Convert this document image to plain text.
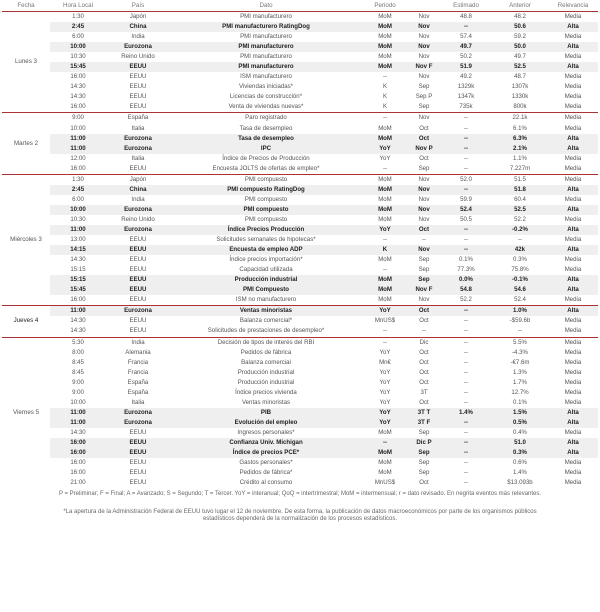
Fecha	Hora Local	País	Dato	Periodo		Estimado	Anterior	Relevancia
Lunes 3	1:30	Japón	PMI manufacturero	MoM	Nov	48.8	48.2	Media
	2:45	China	PMI manufacturero RatingDog	MoM	Nov	--	50.6	Alta
	6:00	India	PMI manufacturero	MoM	Nov	57.4	59.2	Media
	10:00	Eurozona	PMI manufacturero	MoM	Nov	49.7	50.0	Alta
	10:30	Reino Unido	PMI manufacturero	MoM	Nov	50.2	49.7	Media
	15:45	EEUU	PMI manufacturero	MoM	Nov F	51.9	52.5	Alta
	16:00	EEUU	ISM manufacturero	--	Nov	49.2	48.7	Media
	14:30	EEUU	Viviendas iniciadas*	K	Sep	1329k	1307k	Media
	14:30	EEUU	Licencias de construcción*	K	Sep P	1347k	1330k	Media
	16:00	EEUU	Venta de viviendas nuevas*	K	Sep	735k	800k	Media
Martes 2	9:00	España	Paro registrado	--	Nov	--	22.1k	Media
	10:00	Italia	Tasa de desempleo	MoM	Oct	--	6.1%	Media
	11:00	Eurozona	Tasa de desempleo	MoM	Oct	--	6.3%	Alta
	11:00	Eurozona	IPC	YoY	Nov P	--	2.1%	Alta
	12:00	Italia	Índice de Precios de Producción	YoY	Oct	--	1.1%	Media
	16:00	EEUU	Encuesta JOLTS de ofertas de empleo*	--	Sep	--	7.227m	Media
Miércoles 3	1:30	Japón	PMI compuesto	MoM	Nov	52.0	51.5	Media
	2:45	China	PMI compuesto RatingDog	MoM	Nov	--	51.8	Alta
	6:00	India	PMI compuesto	MoM	Nov	59.9	60.4	Media
	10:00	Eurozona	PMI compuesto	MoM	Nov	52.4	52.5	Alta
	10:30	Reino Unido	PMI compuesto	MoM	Nov	50.5	52.2	Media
	11:00	Eurozona	Índice Precios Producción	YoY	Oct	--	-0.2%	Alta
	13:00	EEUU	Solicitudes semanales de hipotecas*	--	--	--	--	Media
	14:15	EEUU	Encuesta de empleo ADP	K	Nov	--	42k	Alta
	14:30	EEUU	Índice precios importación*	MoM	Sep	0.1%	0.3%	Media
	15:15	EEUU	Capacidad utilizada	--	Sep	77.3%	75.8%	Media
	15:15	EEUU	Producción industrial	MoM	Sep	0.0%	-0.1%	Alta
	15:45	EEUU	PMI Compuesto	MoM	Nov F	54.8	54.6	Alta
	16:00	EEUU	ISM no manufacturero	MoM	Nov	52.2	52.4	Media
Jueves 4	11:00	Eurozona	Ventas minoristas	YoY	Oct	--	1.0%	Alta
	14:30	EEUU	Balanza comercial*	MnUS$	Oct	--	-$59.6b	Media
	14:30	EEUU	Solicitudes de prestaciones de desempleo*	--	--	--	--	Media
Viernes 5	5:30	India	Decisión de tipos de interés del RBI	--	Dic	--	5.5%	Media
	8:00	Alemania	Pedidos de fábrica	YoY	Oct	--	-4.3%	Media
	8:45	Francia	Balanza comercial	Mn€	Oct	--	-€7.6m	Media
	8:45	Francia	Producción industrial	YoY	Oct	--	1.3%	Media
	9:00	España	Producción industrial	YoY	Oct	--	1.7%	Media
	9:00	España	Índice precios vivienda	YoY	3T	--	12.7%	Media
	10:00	Italia	Ventas minoristas	YoY	Oct	--	0.1%	Media
	11:00	Eurozona	PIB	YoY	3T T	1.4%	1.5%	Alta
	11:00	Eurozona	Evolución del empleo	YoY	3T F	--	0.5%	Alta
	14:30	EEUU	Ingresos personales*	MoM	Sep	--	0.4%	Media
	16:00	EEUU	Confianza Univ. Michigan	--	Dic P	--	51.0	Alta
	16:00	EEUU	Índice de precios PCE*	MoM	Sep	--	0.3%	Alta
	16:00	EEUU	Gastos personales*	MoM	Sep	--	0.6%	Media
	16:00	EEUU	Pedidos de fábrica*	MoM	Sep	--	1.4%	Media
	21:00	EEUU	Crédito al consumo	MnUS$	Oct	--	$13.093b	Media
P = Preliminar; F = Final; A = Avanzado; S = Segundo; T = Tercer. YoY = interanual; QoQ = intertrimestral; MoM = intermensual; r = dato revisado. En negrita eventos más relevantes.
*La apertura de la Administración Federal de EEUU tuvo lugar el 12 de noviembre. De esta forma, la publicación de datos macroeconómicos por parte de los organismos públicos estadísticos dependerá de la normalización de los procesos estadísticos.
